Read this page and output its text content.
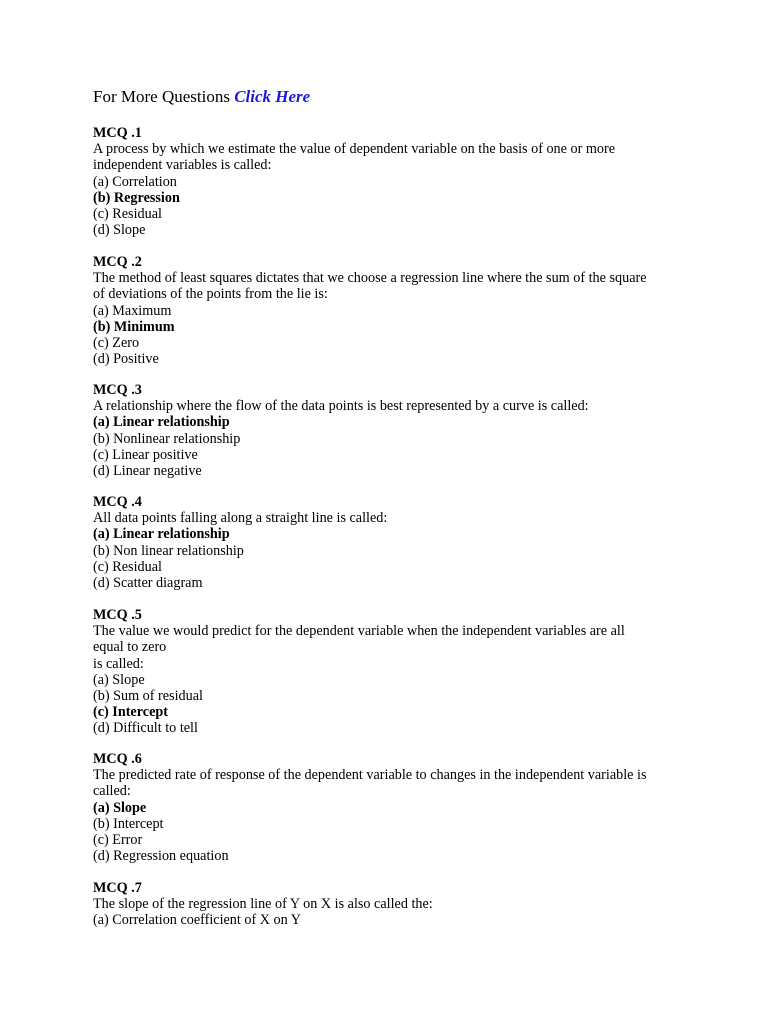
For More Questions Click Here

MCQ .1

A process by which we estimate the value of dependent variable on the basis of one or more

independent variables is called:

(a) Correlation

(b) Regression

(c) Residual

(d) Slope

MCQ .2

The method of least squares dictates that we choose a regression line where the sum of the square

of deviations of the points from the lie is:

(a) Maximum

(b) Minimum

(c) Zero

(d) Positive

MCQ .3

A relationship where the flow of the data points is best represented by a curve is called:

(a) Linear relationship

(b) Nonlinear relationship

(c) Linear positive

(d) Linear negative

MCQ .4

All data points falling along a straight line is called:

(a) Linear relationship

(b) Non linear relationship

(c) Residual

(d) Scatter diagram

MCQ .5

The value we would predict for the dependent variable when the independent variables are all

equal to zero

is called:

(a) Slope

(b) Sum of residual

(c) Intercept

(d) Difficult to tell

MCQ .6

The predicted rate of response of the dependent variable to changes in the independent variable is

called:

(a) Slope

(b) Intercept

(c) Error

(d) Regression equation

MCQ .7

The slope of the regression line of Y on X is also called the:

(a) Correlation coefficient of X on Y
